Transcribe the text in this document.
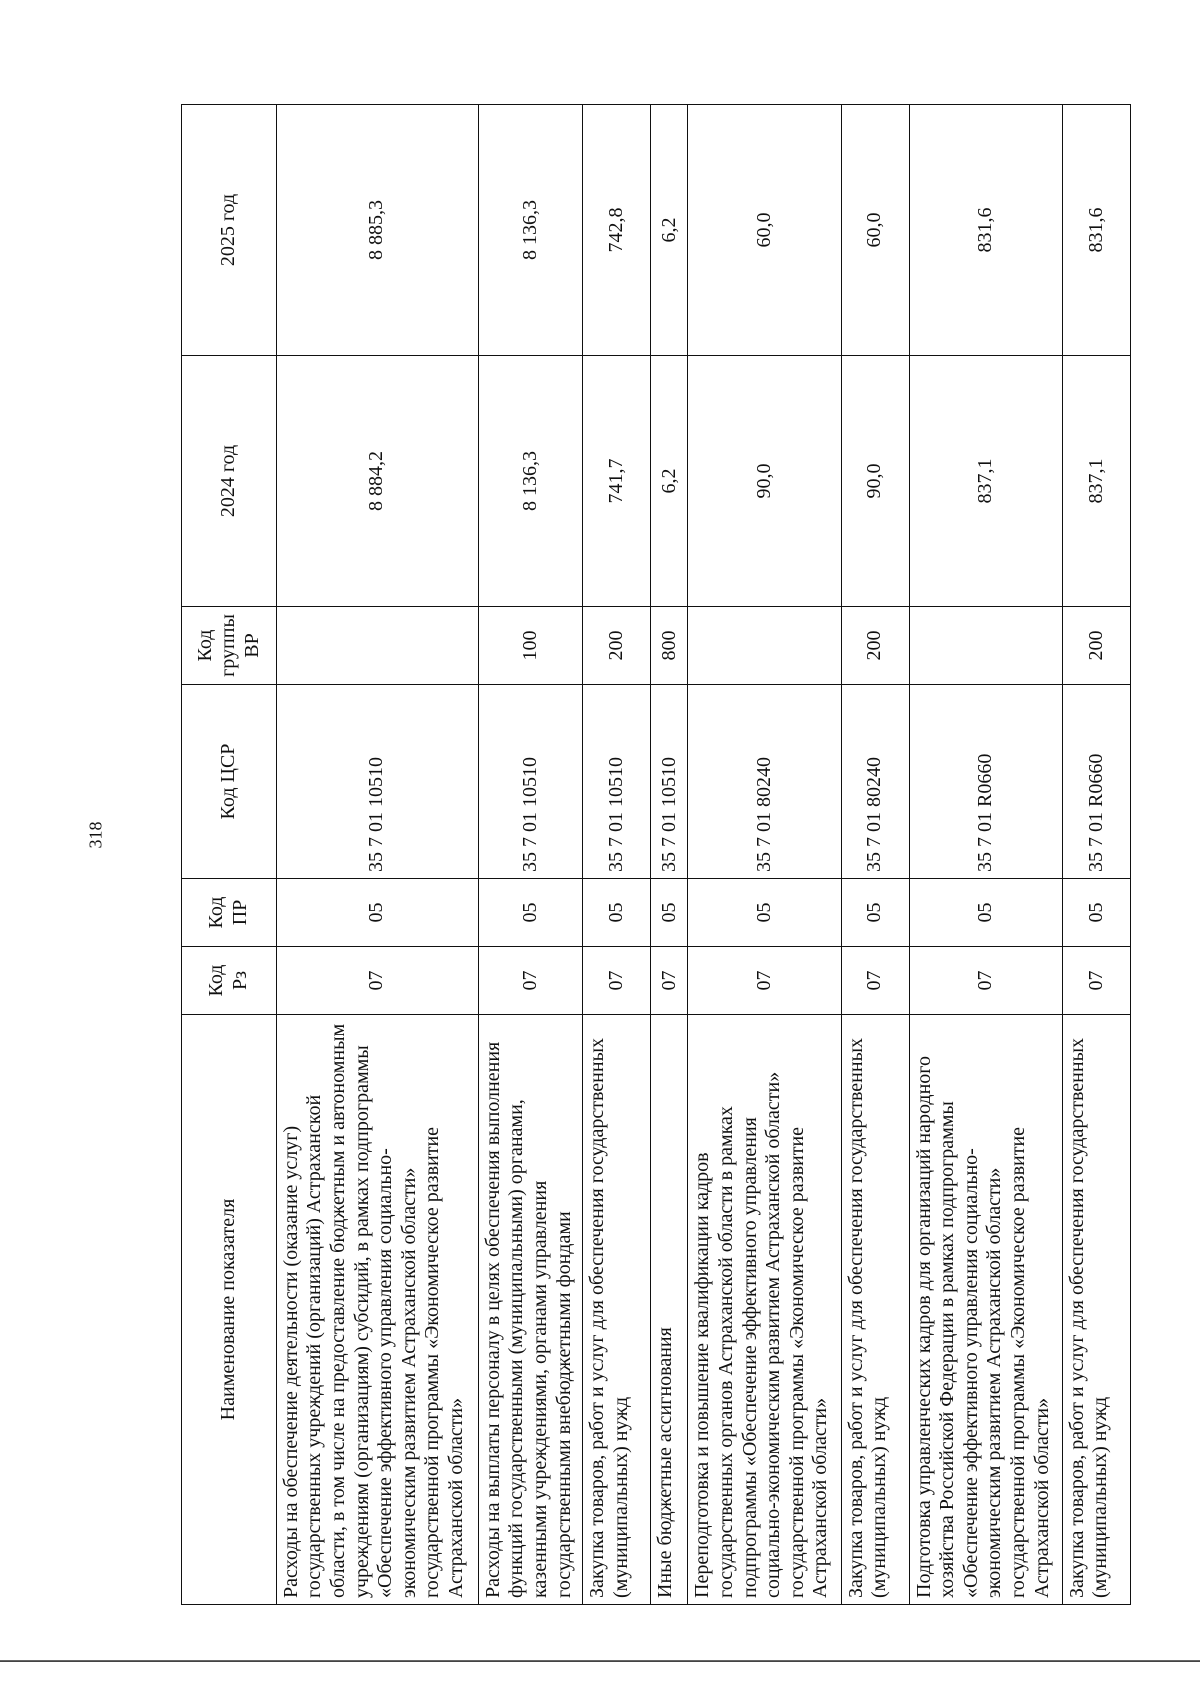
318
Наименование показателя	Код Рз	Код ПР	Код ЦСР	Код группы ВР	2024 год	2025 год
Расходы на обеспечение деятельности (оказание услуг) государственных учреждений (организаций) Астраханской области, в том числе на предоставление бюджетным и автономным учреждениям (организациям) субсидий, в рамках подпрограммы «Обеспечение эффективного управления социально-экономическим развитием Астраханской области» государственной программы «Экономическое развитие Астраханской области»	07	05	35 7 01 10510		8 884,2	8 885,3
Расходы на выплаты персоналу в целях обеспечения выполнения функций государственными (муниципальными) органами, казенными учреждениями, органами управления государственными внебюджетными фондами	07	05	35 7 01 10510	100	8 136,3	8 136,3
Закупка товаров, работ и услуг для обеспечения государственных (муниципальных) нужд	07	05	35 7 01 10510	200	741,7	742,8
Иные бюджетные ассигнования	07	05	35 7 01 10510	800	6,2	6,2
Переподготовка и повышение квалификации кадров государственных органов Астраханской области в рамках подпрограммы «Обеспечение эффективного управления социально-экономическим развитием Астраханской области» государственной программы «Экономическое развитие Астраханской области»	07	05	35 7 01 80240		90,0	60,0
Закупка товаров, работ и услуг для обеспечения государственных (муниципальных) нужд	07	05	35 7 01 80240	200	90,0	60,0
Подготовка управленческих кадров для организаций народного хозяйства Российской Федерации в рамках подпрограммы «Обеспечение эффективного управления социально-экономическим развитием Астраханской области» государственной программы «Экономическое развитие Астраханской области»	07	05	35 7 01 R0660		837,1	831,6
Закупка товаров, работ и услуг для обеспечения государственных (муниципальных) нужд	07	05	35 7 01 R0660	200	837,1	831,6
